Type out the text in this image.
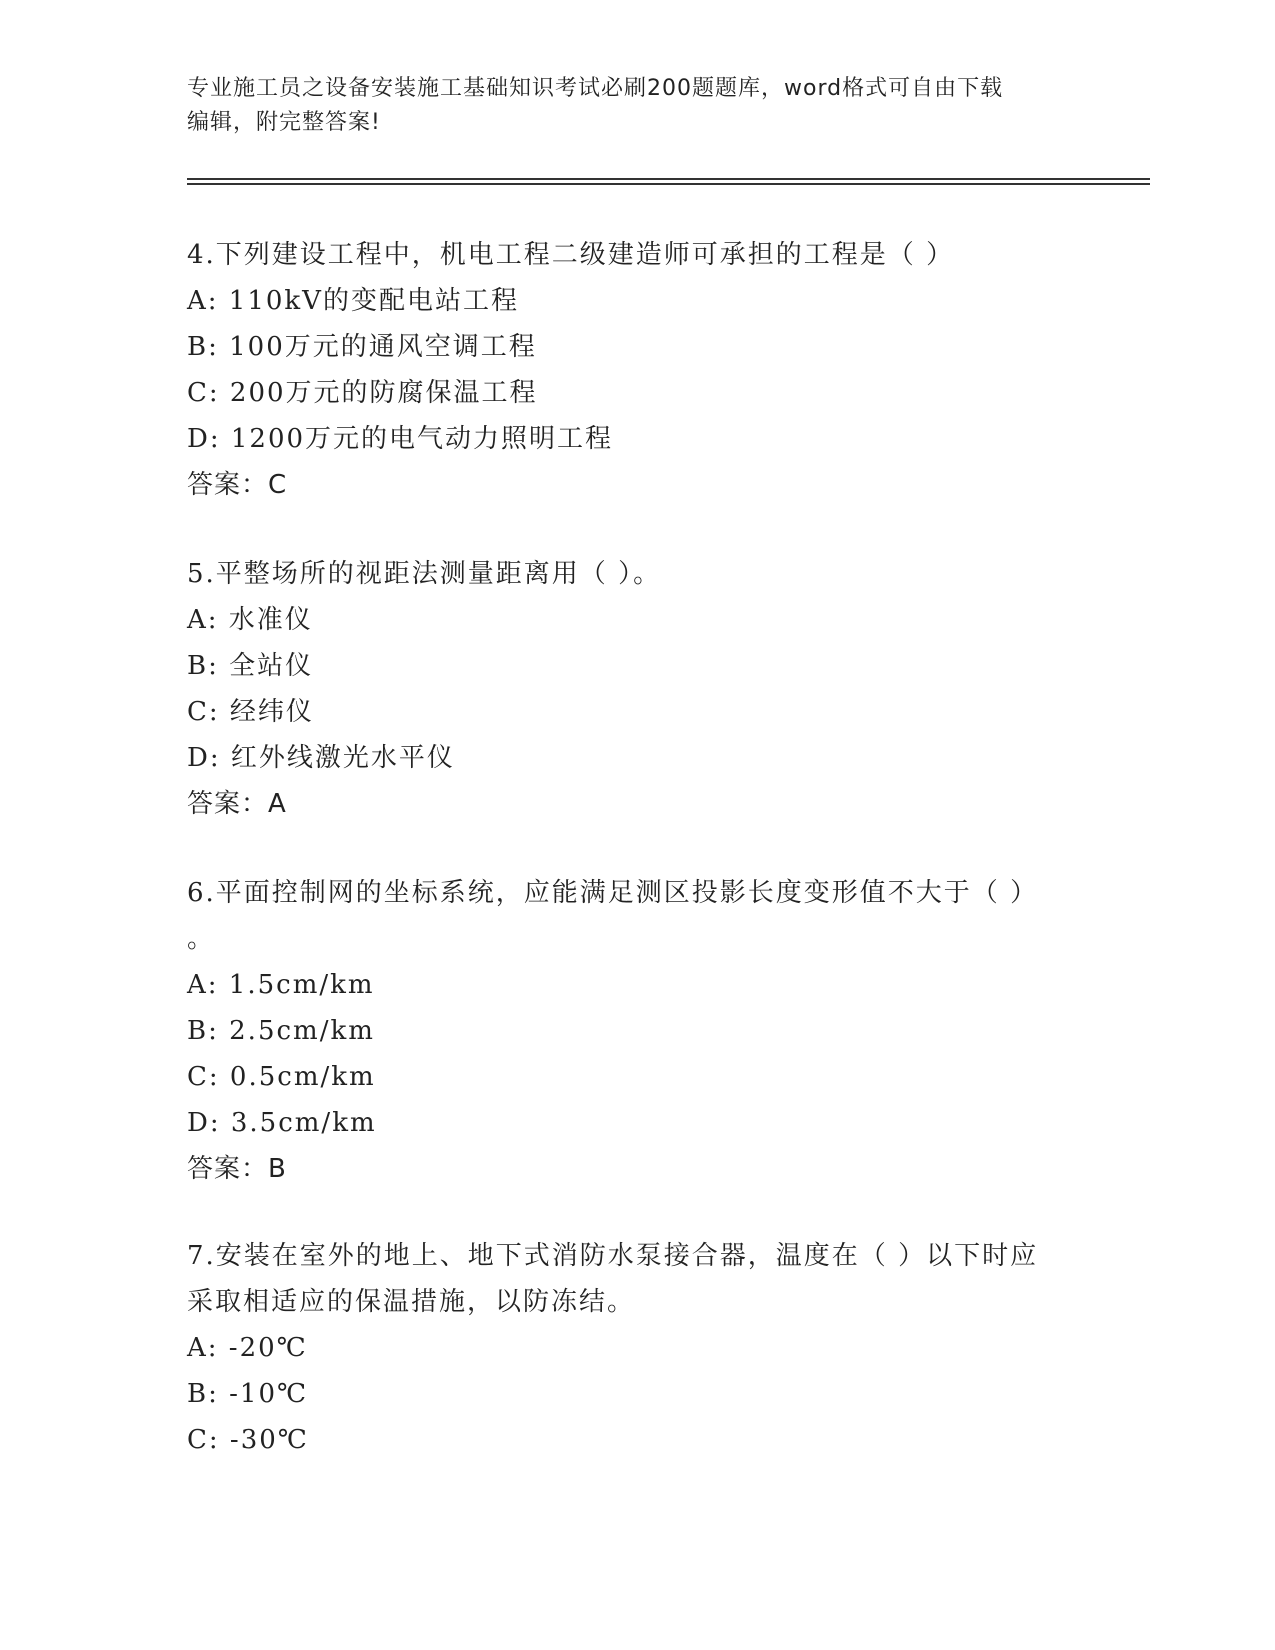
专业施工员之设备安装施工基础知识考试必刷200题题库，word格式可自由下载
编辑，附完整答案!
4.下列建设工程中，机电工程二级建造师可承担的工程是（ ）
A: 110kV的变配电站工程
B: 100万元的通风空调工程
C: 200万元的防腐保温工程
D: 1200万元的电气动力照明工程
答案：C
5.平整场所的视距法测量距离用（ ）。
A: 水准仪
B: 全站仪
C: 经纬仪
D: 红外线激光水平仪
答案：A
6.平面控制网的坐标系统，应能满足测区投影长度变形值不大于（ ）
。
A: 1.5cm/km
B: 2.5cm/km
C: 0.5cm/km
D: 3.5cm/km
答案：B
7.安装在室外的地上、地下式消防水泵接合器，温度在（ ）以下时应
采取相适应的保温措施，以防冻结。
A: -20℃
B: -10℃
C: -30℃
